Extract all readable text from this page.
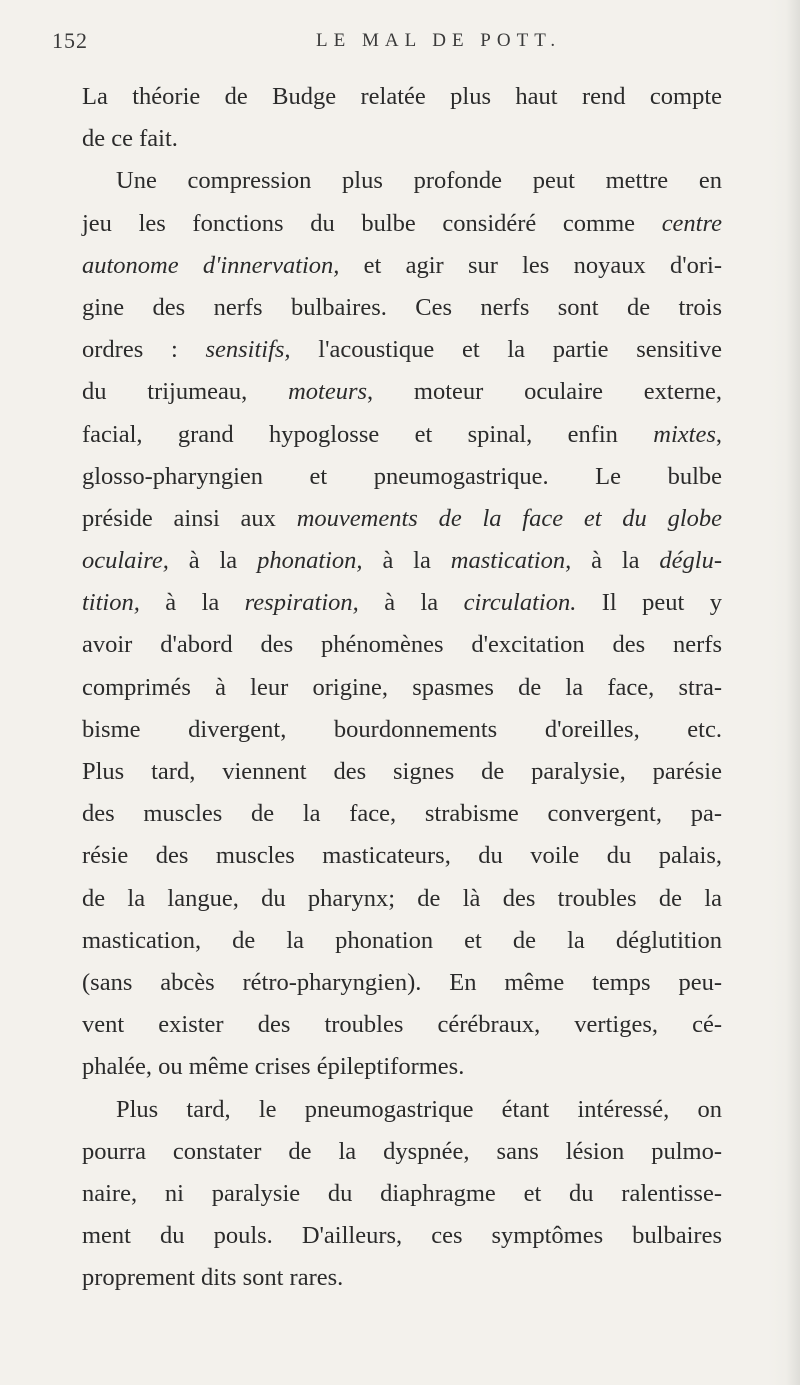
152	LE MAL DE POTT.
La théorie de Budge relatée plus haut rend compte
de ce fait.
Une compression plus profonde peut mettre en
jeu les fonctions du bulbe considéré comme centre
autonome d'innervation, et agir sur les noyaux d'ori-
gine des nerfs bulbaires. Ces nerfs sont de trois
ordres : sensitifs, l'acoustique et la partie sensitive
du trijumeau, moteurs, moteur oculaire externe,
facial, grand hypoglosse et spinal, enfin mixtes,
glosso-pharyngien et pneumogastrique. Le bulbe
préside ainsi aux mouvements de la face et du globe
oculaire, à la phonation, à la mastication, à la déglu-
tition, à la respiration, à la circulation. Il peut y
avoir d'abord des phénomènes d'excitation des nerfs
comprimés à leur origine, spasmes de la face, stra-
bisme divergent, bourdonnements d'oreilles, etc.
Plus tard, viennent des signes de paralysie, parésie
des muscles de la face, strabisme convergent, pa-
résie des muscles masticateurs, du voile du palais,
de la langue, du pharynx; de là des troubles de la
mastication, de la phonation et de la déglutition
(sans abcès rétro-pharyngien). En même temps peu-
vent exister des troubles cérébraux, vertiges, cé-
phalée, ou même crises épileptiformes.
Plus tard, le pneumogastrique étant intéressé, on
pourra constater de la dyspnée, sans lésion pulmo-
naire, ni paralysie du diaphragme et du ralentisse-
ment du pouls. D'ailleurs, ces symptômes bulbaires
proprement dits sont rares.
